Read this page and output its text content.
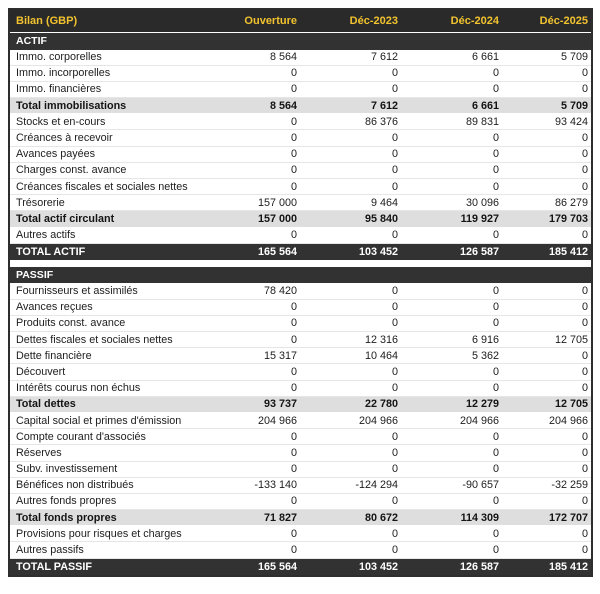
Bilan (GBP)	Ouverture	Déc-2023	Déc-2024	Déc-2025
ACTIF
Immo. corporelles	8 564	7 612	6 661	5 709
Immo. incorporelles	0	0	0	0
Immo. financières	0	0	0	0
Total immobilisations	8 564	7 612	6 661	5 709
Stocks et en-cours	0	86 376	89 831	93 424
Créances à recevoir	0	0	0	0
Avances payées	0	0	0	0
Charges const. avance	0	0	0	0
Créances fiscales et sociales nettes	0	0	0	0
Trésorerie	157 000	9 464	30 096	86 279
Total actif circulant	157 000	95 840	119 927	179 703
Autres actifs	0	0	0	0
TOTAL ACTIF	165 564	103 452	126 587	185 412
PASSIF
Fournisseurs et assimilés	78 420	0	0	0
Avances reçues	0	0	0	0
Produits const. avance	0	0	0	0
Dettes fiscales et sociales nettes	0	12 316	6 916	12 705
Dette financière	15 317	10 464	5 362	0
Découvert	0	0	0	0
Intérêts courus non échus	0	0	0	0
Total dettes	93 737	22 780	12 279	12 705
Capital social et primes d'émission	204 966	204 966	204 966	204 966
Compte courant d'associés	0	0	0	0
Réserves	0	0	0	0
Subv. investissement	0	0	0	0
Bénéfices non distribués	-133 140	-124 294	-90 657	-32 259
Autres fonds propres	0	0	0	0
Total fonds propres	71 827	80 672	114 309	172 707
Provisions pour risques et charges	0	0	0	0
Autres passifs	0	0	0	0
TOTAL PASSIF	165 564	103 452	126 587	185 412
